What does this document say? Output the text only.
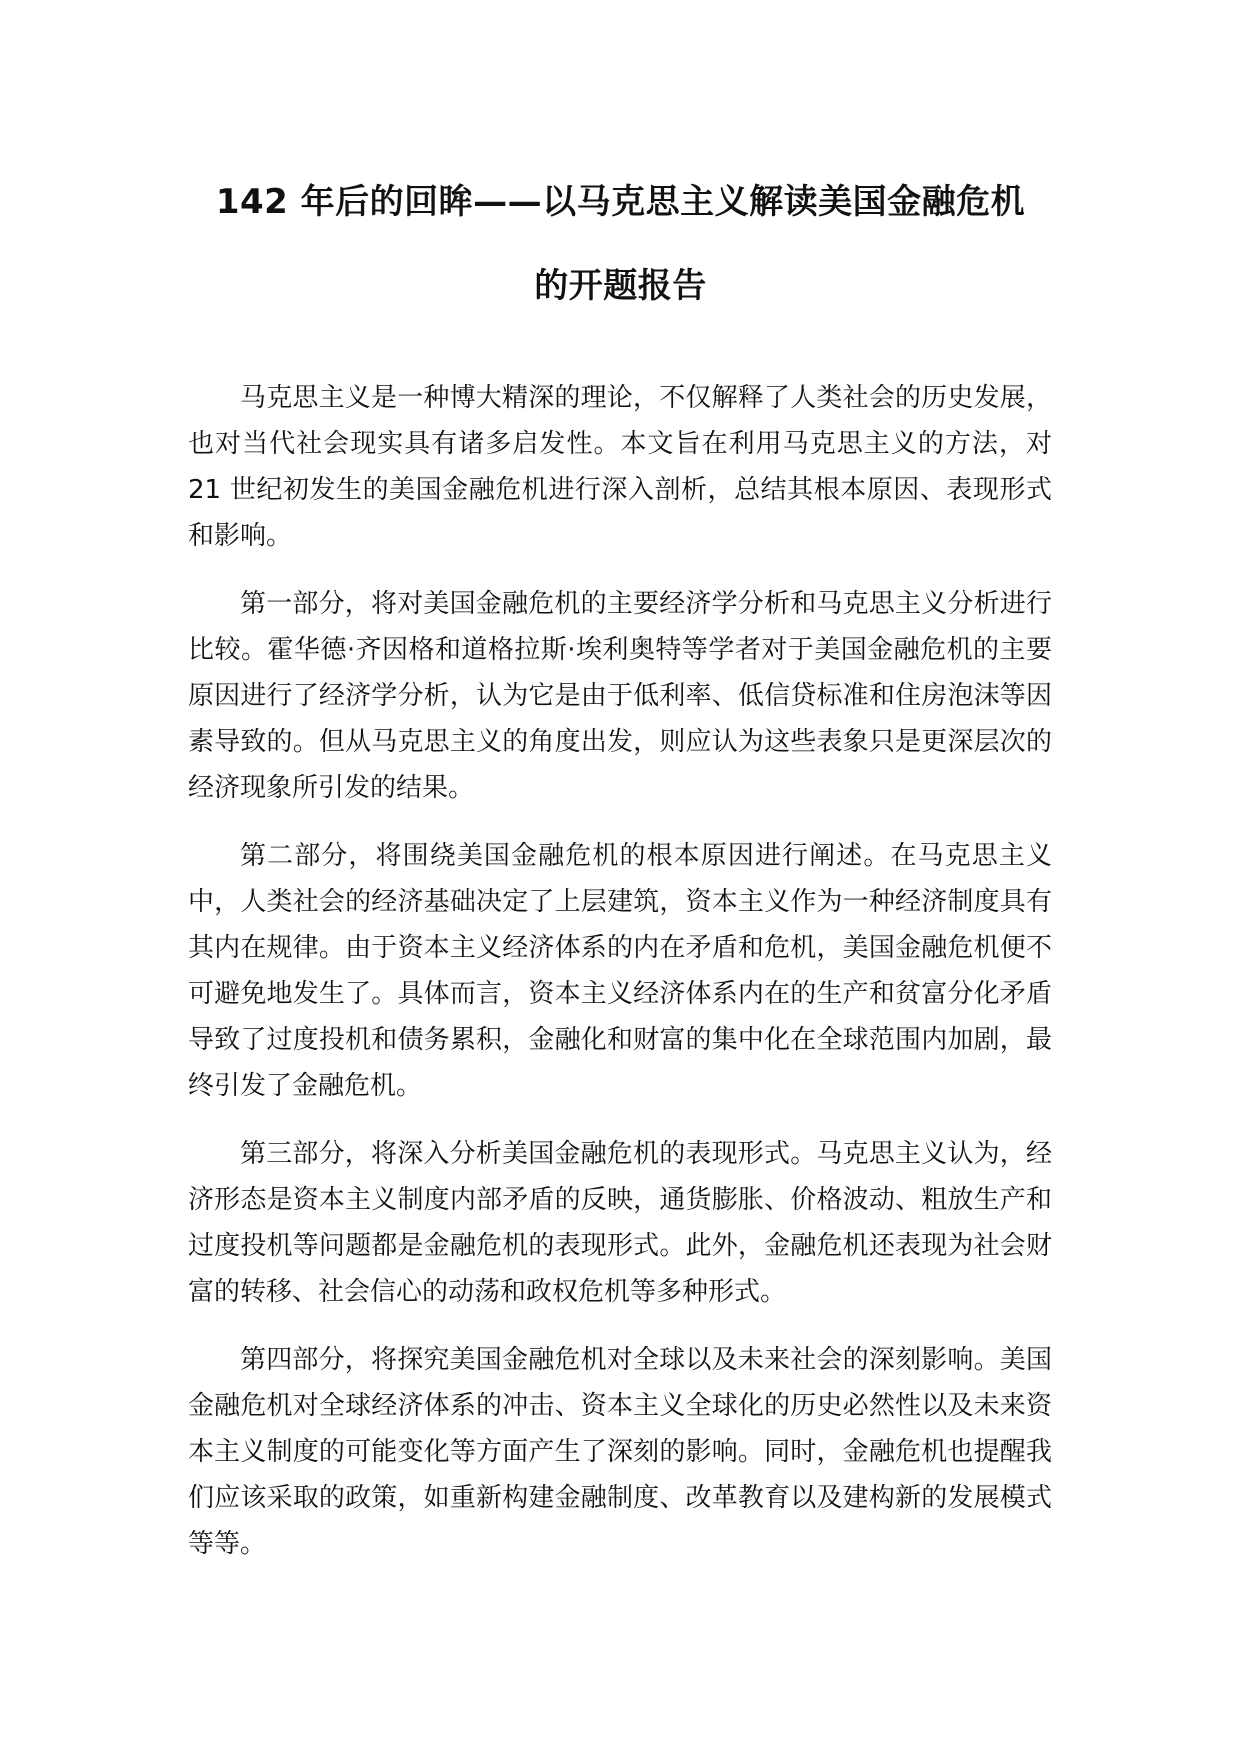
142 年后的回眸——以马克思主义解读美国金融危机
的开题报告

马克思主义是一种博大精深的理论，不仅解释了人类社会的历史发展，也对当代社会现实具有诸多启发性。本文旨在利用马克思主义的方法，对 21 世纪初发生的美国金融危机进行深入剖析，总结其根本原因、表现形式和影响。

第一部分，将对美国金融危机的主要经济学分析和马克思主义分析进行比较。霍华德·齐因格和道格拉斯·埃利奥特等学者对于美国金融危机的主要原因进行了经济学分析，认为它是由于低利率、低信贷标准和住房泡沫等因素导致的。但从马克思主义的角度出发，则应认为这些表象只是更深层次的经济现象所引发的结果。

第二部分，将围绕美国金融危机的根本原因进行阐述。在马克思主义中，人类社会的经济基础决定了上层建筑，资本主义作为一种经济制度具有其内在规律。由于资本主义经济体系的内在矛盾和危机，美国金融危机便不可避免地发生了。具体而言，资本主义经济体系内在的生产和贫富分化矛盾导致了过度投机和债务累积，金融化和财富的集中化在全球范围内加剧，最终引发了金融危机。

第三部分，将深入分析美国金融危机的表现形式。马克思主义认为，经济形态是资本主义制度内部矛盾的反映，通货膨胀、价格波动、粗放生产和过度投机等问题都是金融危机的表现形式。此外，金融危机还表现为社会财富的转移、社会信心的动荡和政权危机等多种形式。

第四部分，将探究美国金融危机对全球以及未来社会的深刻影响。美国金融危机对全球经济体系的冲击、资本主义全球化的历史必然性以及未来资本主义制度的可能变化等方面产生了深刻的影响。同时，金融危机也提醒我们应该采取的政策，如重新构建金融制度、改革教育以及建构新的发展模式等等。
